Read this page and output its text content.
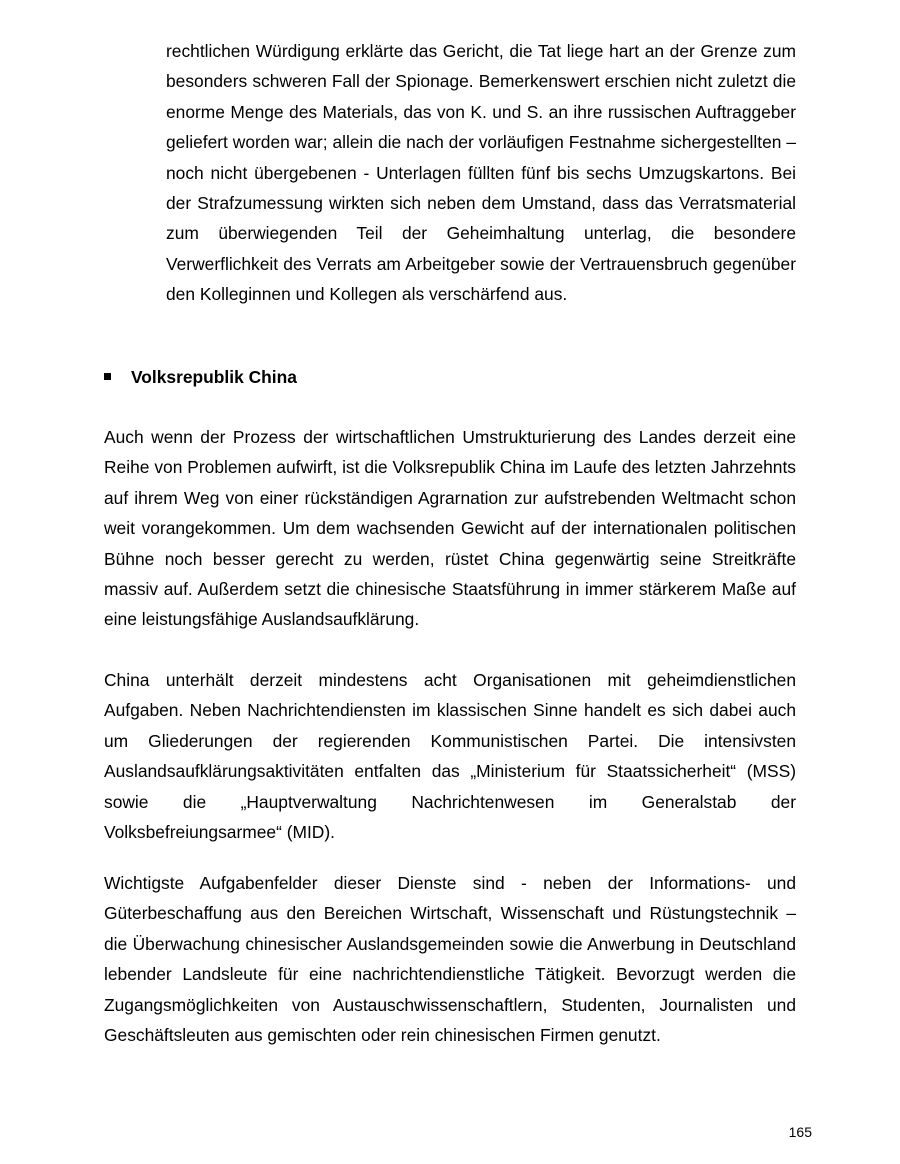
rechtlichen Würdigung erklärte das Gericht, die Tat liege hart an der Grenze zum besonders schweren Fall der Spionage. Bemerkenswert erschien nicht zuletzt die enorme Menge des Materials, das von K. und S. an ihre russischen Auftraggeber geliefert worden war; allein die nach der vorläufigen Festnahme sichergestellten – noch nicht übergebenen - Unterlagen füllten fünf bis sechs Umzugskartons. Bei der Strafzumessung wirkten sich neben dem Umstand, dass das Verratsmaterial zum überwiegenden Teil der Geheimhaltung unterlag, die besondere Verwerflichkeit des Verrats am Arbeitgeber sowie der Vertrauensbruch gegenüber den Kolleginnen und Kollegen als verschärfend aus.

Volksrepublik China

Auch wenn der Prozess der wirtschaftlichen Umstrukturierung des Landes derzeit eine Reihe von Problemen aufwirft, ist die Volksrepublik China im Laufe des letzten Jahrzehnts auf ihrem Weg von einer rückständigen Agrarnation zur aufstrebenden Weltmacht schon weit vorangekommen. Um dem wachsenden Gewicht auf der internationalen politischen Bühne noch besser gerecht zu werden, rüstet China gegenwärtig seine Streitkräfte massiv auf. Außerdem setzt die chinesische Staatsführung in immer stärkerem Maße auf eine leistungsfähige Auslandsaufklärung.

China unterhält derzeit mindestens acht Organisationen mit geheimdienstlichen Aufgaben. Neben Nachrichtendiensten im klassischen Sinne handelt es sich dabei auch um Gliederungen der regierenden Kommunistischen Partei. Die intensivsten Auslandsaufklärungsaktivitäten entfalten das „Ministerium für Staatssicherheit“ (MSS) sowie die „Hauptverwaltung Nachrichtenwesen im Generalstab der Volksbefreiungsarmee“ (MID).

Wichtigste Aufgabenfelder dieser Dienste sind - neben der Informations- und Güterbeschaffung aus den Bereichen Wirtschaft, Wissenschaft und Rüstungstechnik – die Überwachung chinesischer Auslandsgemeinden sowie die Anwerbung in Deutschland lebender Landsleute für eine nachrichtendienstliche Tätigkeit. Bevorzugt werden die Zugangsmöglichkeiten von Austauschwissenschaftlern, Studenten, Journalisten und Geschäftsleuten aus gemischten oder rein chinesischen Firmen genutzt.

165
